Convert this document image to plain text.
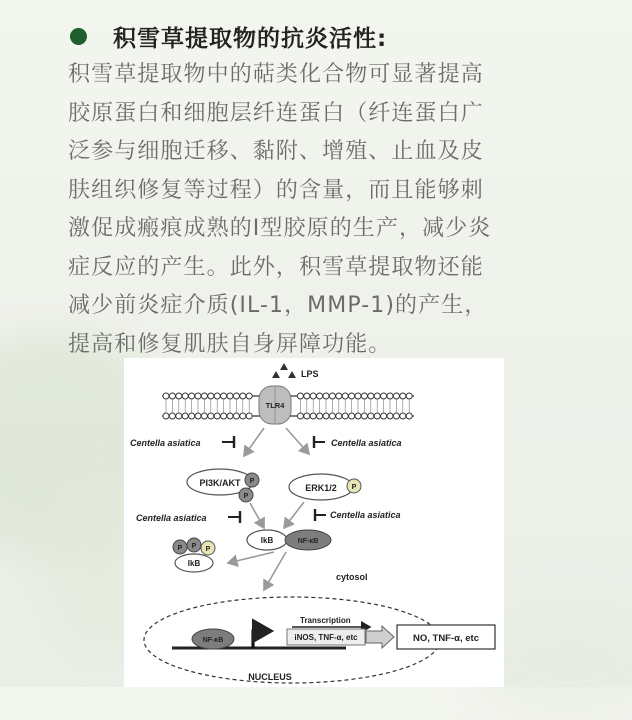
积雪草提取物的抗炎活性:

积雪草提取物中的萜类化合物可显著提高
胶原蛋白和细胞层纤连蛋白（纤连蛋白广
泛参与细胞迁移、黏附、增殖、止血及皮
肤组织修复等过程）的含量，而且能够刺
激促成瘢痕成熟的I型胶原的生产，减少炎
症反应的产生。此外，积雪草提取物还能
减少前炎症介质(IL-1，MMP-1)的产生，
提高和修复肌肤自身屏障功能。

LPS
TLR4
Centella asiatica	Centella asiatica
PI3K/AKT P
P
ERK1/2 P
Centella asiatica	Centella asiatica
IkB	NF-κB
P P P
IkB
cytosol
NF-κB
Transcription
iNOS, TNF-α, etc	NO, TNF-α, etc
NUCLEUS
